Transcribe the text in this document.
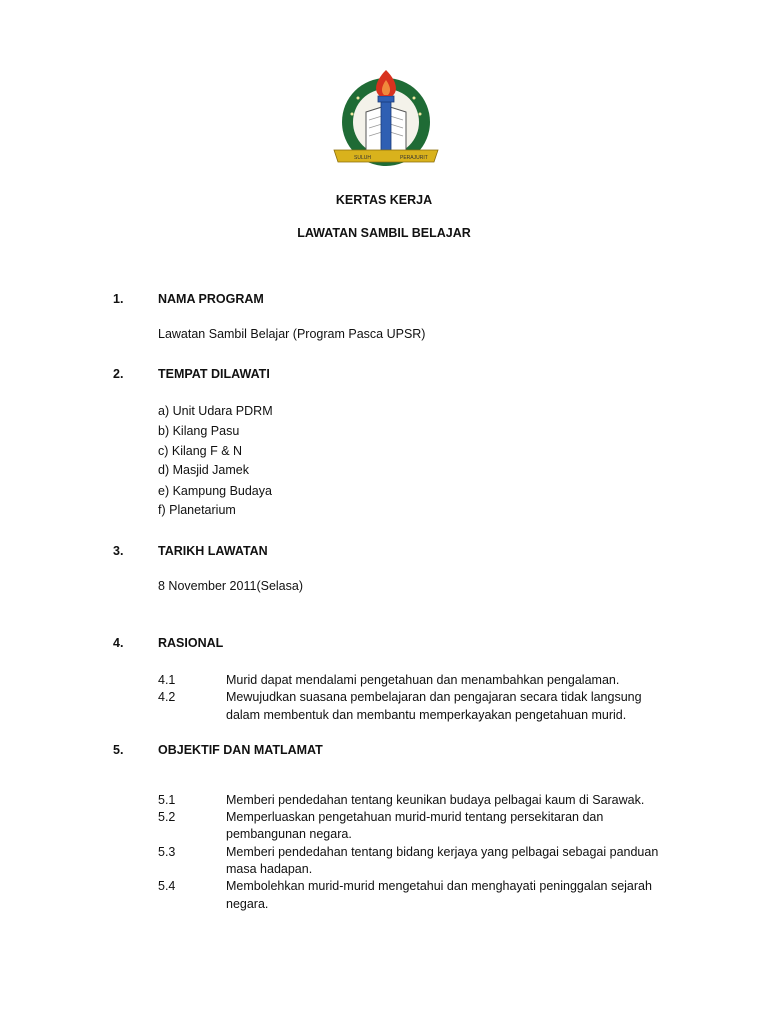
SULUH	PERAJURIT
KERTAS KERJA
LAWATAN SAMBIL BELAJAR
1.	NAMA PROGRAM
Lawatan Sambil Belajar (Program Pasca UPSR)
2.	TEMPAT DILAWATI
a) Unit Udara PDRM
b) Kilang Pasu
c) Kilang F & N
d) Masjid Jamek
e) Kampung Budaya
f) Planetarium
3.	TARIKH LAWATAN
8 November 2011(Selasa)
4.	RASIONAL
4.1	Murid dapat mendalami pengetahuan dan menambahkan pengalaman.
4.2	Mewujudkan suasana pembelajaran dan pengajaran secara tidak langsung
dalam membentuk dan membantu memperkayakan pengetahuan murid.
5.	OBJEKTIF DAN MATLAMAT
5.1	Memberi pendedahan tentang keunikan budaya pelbagai kaum di Sarawak.
5.2	Memperluaskan pengetahuan murid-murid tentang persekitaran dan
pembangunan negara.
5.3	Memberi pendedahan tentang bidang kerjaya yang pelbagai sebagai panduan
masa hadapan.
5.4	Membolehkan murid-murid mengetahui dan menghayati peninggalan sejarah
negara.
